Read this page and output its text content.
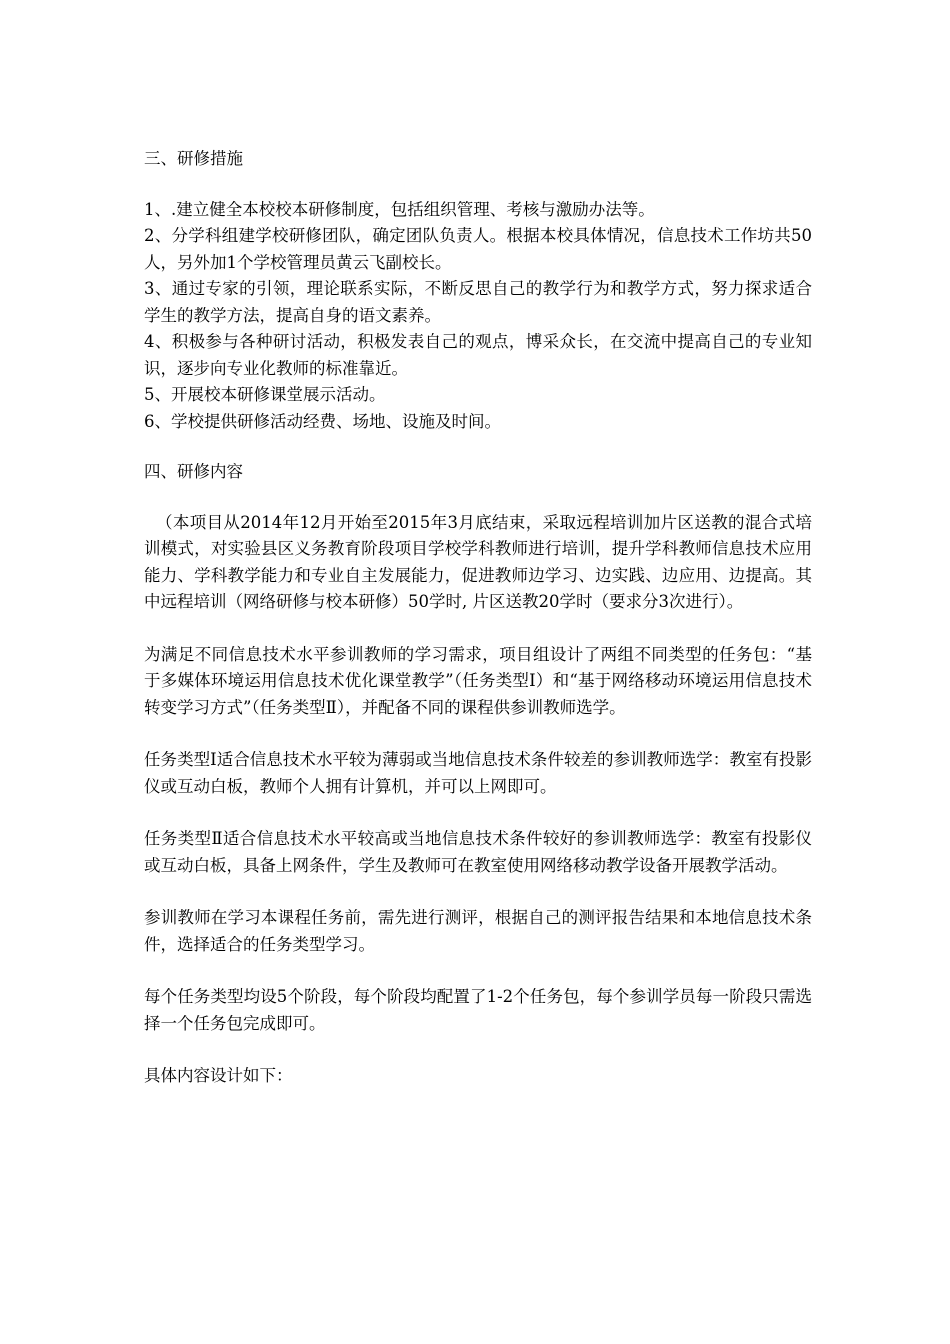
三、研修措施

1、.建立健全本校校本研修制度，包括组织管理、考核与激励办法等。

2、分学科组建学校研修团队，确定团队负责人。根据本校具体情况，信息技术工作坊共50人，另外加1个学校管理员黄云飞副校长。

3、通过专家的引领，理论联系实际，不断反思自己的教学行为和教学方式，努力探求适合学生的教学方法，提高自身的语文素养。

4、积极参与各种研讨活动，积极发表自己的观点，博采众长，在交流中提高自己的专业知识，逐步向专业化教师的标准靠近。

5、开展校本研修课堂展示活动。

6、学校提供研修活动经费、场地、设施及时间。

四、研修内容

（本项目从2014年12月开始至2015年3月底结束，采取远程培训加片区送教的混合式培训模式，对实验县区义务教育阶段项目学校学科教师进行培训，提升学科教师信息技术应用能力、学科教学能力和专业自主发展能力，促进教师边学习、边实践、边应用、边提高。其中远程培训（网络研修与校本研修）50学时, 片区送教20学时（要求分3次进行）。

为满足不同信息技术水平参训教师的学习需求，项目组设计了两组不同类型的任务包：“基于多媒体环境运用信息技术优化课堂教学”（任务类型Ⅰ）和“基于网络移动环境运用信息技术转变学习方式”（任务类型Ⅱ），并配备不同的课程供参训教师选学。

任务类型Ⅰ适合信息技术水平较为薄弱或当地信息技术条件较差的参训教师选学：教室有投影仪或互动白板，教师个人拥有计算机，并可以上网即可。

任务类型Ⅱ适合信息技术水平较高或当地信息技术条件较好的参训教师选学：教室有投影仪或互动白板，具备上网条件，学生及教师可在教室使用网络移动教学设备开展教学活动。

参训教师在学习本课程任务前，需先进行测评，根据自己的测评报告结果和本地信息技术条件，选择适合的任务类型学习。

每个任务类型均设5个阶段，每个阶段均配置了1-2个任务包，每个参训学员每一阶段只需选择一个任务包完成即可。

具体内容设计如下：
